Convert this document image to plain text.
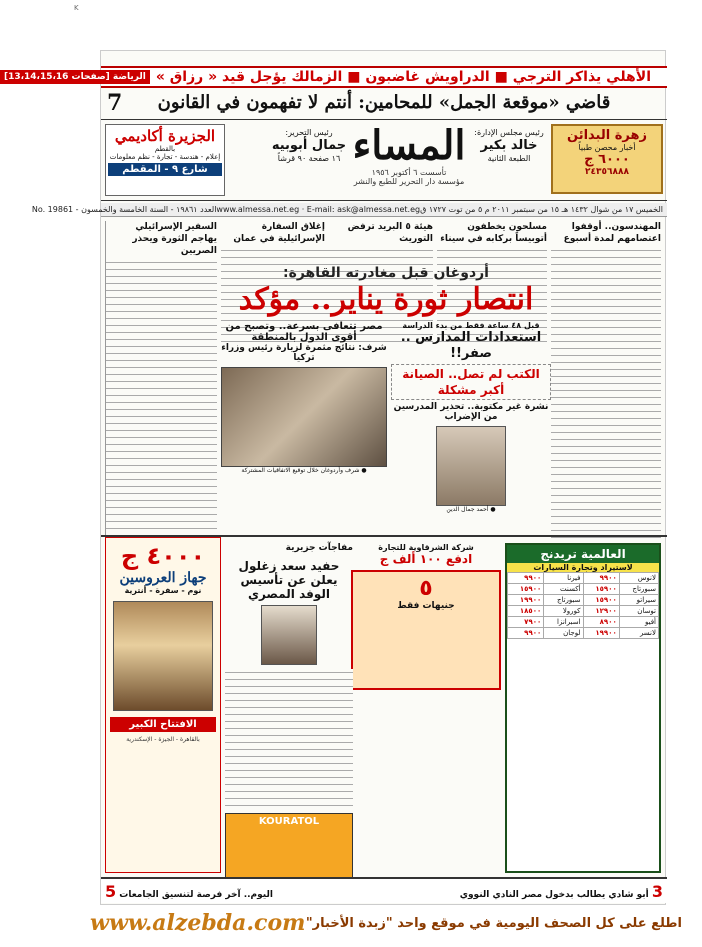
K
الأهلي يذاكر الترجي ■ الدراويش غاضبون ■ الزمالك يؤجل قيد « رزاق »
الرياضة [صفحات 13،14،15،16]
قاضي «موقعة الجمل» للمحامين: أنتم لا تفهمون في القانون
7
زهرة البدائن
أخبار محصن طبياً
٦٠٠٠ ج
٢٤٣٥٦٨٨٨
رئيس مجلس الإدارة:
خالد بكير
الطبعة الثانية
المساء
تأسست ٦ أكتوبر ١٩٥٦
مؤسسة دار التحرير للطبع والنشر
رئيس التحرير:
جمال أبوبيه
١٦ صفحة ٩٠ قرشاً
الجزيرة أكاديمي
بالقطم
إعلام - هندسة - تجارة - نظم معلومات
شارع ٩ - المقطم
الخميس ١٧ من شوال ١٤٣٢ هـ ١٥ من سبتمبر ٢٠١١ م ٥ من توت ١٧٢٧ ق
www.almessa.net.eg · E-mail: ask@almessa.net.eg
العدد ١٩٨٦١ - السنة الخامسة والخمسون - No. 19861
المهندسون.. أوقفوا اعتصامهم لمدة أسبوع
مسلحون يخطفون أتوبيساً بركابه في سيناء
هيئة ٥ البريد ترفض التوريث
إغلاق السفارة الإسرائيلية في عمان
السفير الإسرائيلي يهاجم الثورة ويحذر الصريين
أردوغان قبل مغادرته القاهرة:
انتصار ثورة يناير.. مؤكد
قبل ٤٨ ساعة فقط من بدء الدراسة
استعدادات المدارس .. صفر!!
الكتب لم تصل.. الصيانة أكبر مشكلة
نشرة غير مكتوبة.. تحذير المدرسين من الإضراب
● أحمد جمال الدين
مصر تتعافى بسرعة.. وتصبح من أقوى الدول بالمنطقة
شرف: نتائج مثمرة لزيارة رئيس وزراء تركيا
● شرف وأردوغان خلال توقيع الاتفاقيات المشتركة
العالمية تريدنج
لاستيراد وتجارة السيارات
لانوس	٩٩٠٠	فيرنا	٩٩٠٠
سبورتاج	١٥٩٠٠	أكسنت	١٥٩٠٠
سيراتو	١٥٩٠٠	سبورتاج	١٩٩٠٠
توسان	١٢٩٠٠	كورولا	١٨٥٠٠
أفيو	٨٩٠٠	اسبرانزا	٧٩٠٠
لانسر	١٩٩٠٠	لوجان	٩٩٠٠
شركة الشرقاوية للتجارة
ادفع ١٠٠ ألف ج
٥
جنيهات فقط
مفاجآت جزيرية
حفيد سعد زغلول يعلن عن تأسيس الوفد المصري
KOURATOL
٤٠٠٠ ج
جهاز العروسين
نوم - سفرة - أنترية
الافتتاح الكبير
بالقاهرة - الجيزة - الإسكندرية
3 أبو شادي يطالب بدخول مصر النادي النووي
اليوم.. آخر فرصة لتنسيق الجامعات 5
www.alzebda.com اطلع على كل الصحف اليومية في موقع واحد "زبدة الأخبار"
